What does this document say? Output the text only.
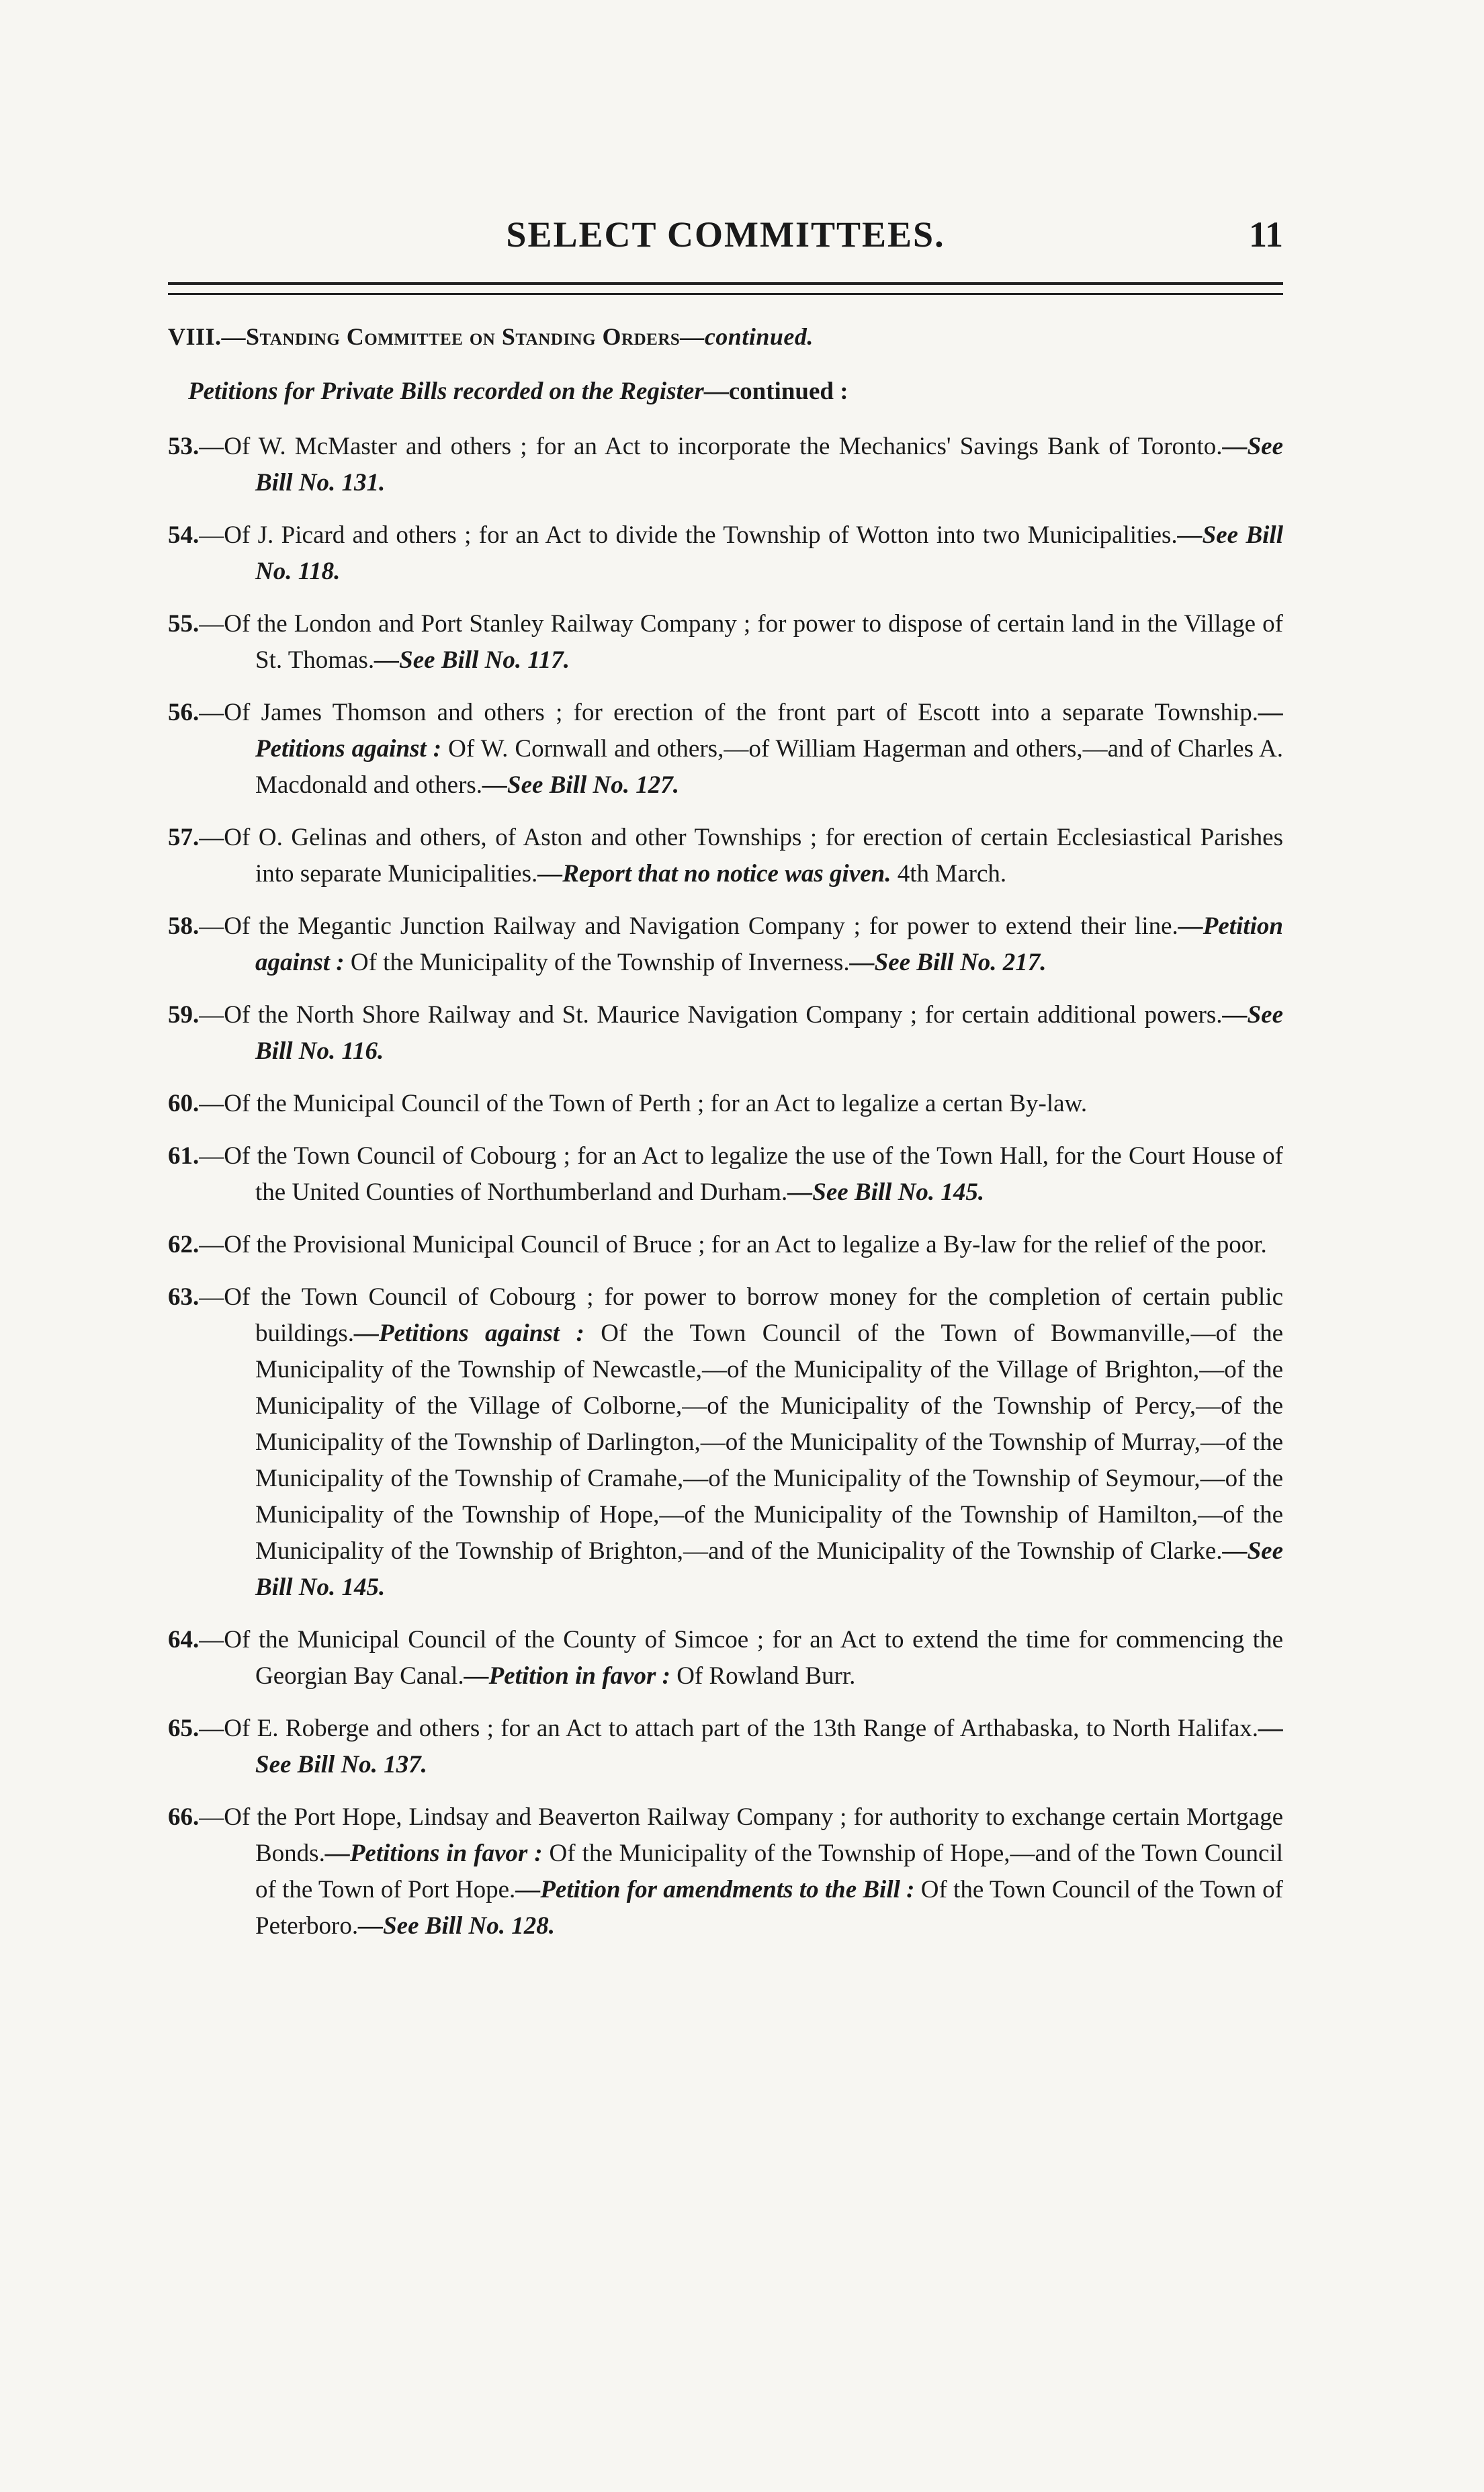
SELECT COMMITTEES.	11
VIII.—Standing Committee on Standing Orders—continued.
Petitions for Private Bills recorded on the Register—continued :

53.—Of W. McMaster and others ; for an Act to incorporate the Mechanics' Savings Bank of Toronto.—See Bill No. 131.

54.—Of J. Picard and others ; for an Act to divide the Township of Wotton into two Municipalities.—See Bill No. 118.

55.—Of the London and Port Stanley Railway Company ; for power to dispose of certain land in the Village of St. Thomas.—See Bill No. 117.

56.—Of James Thomson and others ; for erection of the front part of Escott into a separate Township.—Petitions against : Of W. Cornwall and others,—of William Hagerman and others,—and of Charles A. Macdonald and others.—See Bill No. 127.

57.—Of O. Gelinas and others, of Aston and other Townships ; for erection of certain Ecclesiastical Parishes into separate Municipalities.—Report that no notice was given. 4th March.

58.—Of the Megantic Junction Railway and Navigation Company ; for power to extend their line.—Petition against : Of the Municipality of the Township of Inverness.—See Bill No. 217.

59.—Of the North Shore Railway and St. Maurice Navigation Company ; for certain additional powers.—See Bill No. 116.

60.—Of the Municipal Council of the Town of Perth ; for an Act to legalize a certan By-law.

61.—Of the Town Council of Cobourg ; for an Act to legalize the use of the Town Hall, for the Court House of the United Counties of Northumberland and Durham.—See Bill No. 145.

62.—Of the Provisional Municipal Council of Bruce ; for an Act to legalize a By-law for the relief of the poor.

63.—Of the Town Council of Cobourg ; for power to borrow money for the completion of certain public buildings.—Petitions against : Of the Town Council of the Town of Bowmanville,—of the Municipality of the Township of Newcastle,—of the Municipality of the Village of Brighton,—of the Municipality of the Village of Colborne,—of the Municipality of the Township of Percy,—of the Municipality of the Township of Darlington,—of the Municipality of the Township of Murray,—of the Municipality of the Township of Cramahe,—of the Municipality of the Township of Seymour,—of the Municipality of the Township of Hope,—of the Municipality of the Township of Hamilton,—of the Municipality of the Township of Brighton,—and of the Municipality of the Township of Clarke.—See Bill No. 145.

64.—Of the Municipal Council of the County of Simcoe ; for an Act to extend the time for commencing the Georgian Bay Canal.—Petition in favor : Of Rowland Burr.

65.—Of E. Roberge and others ; for an Act to attach part of the 13th Range of Arthabaska, to North Halifax.—See Bill No. 137.

66.—Of the Port Hope, Lindsay and Beaverton Railway Company ; for authority to exchange certain Mortgage Bonds.—Petitions in favor : Of the Municipality of the Township of Hope,—and of the Town Council of the Town of Port Hope.—Petition for amendments to the Bill : Of the Town Council of the Town of Peterboro.—See Bill No. 128.
